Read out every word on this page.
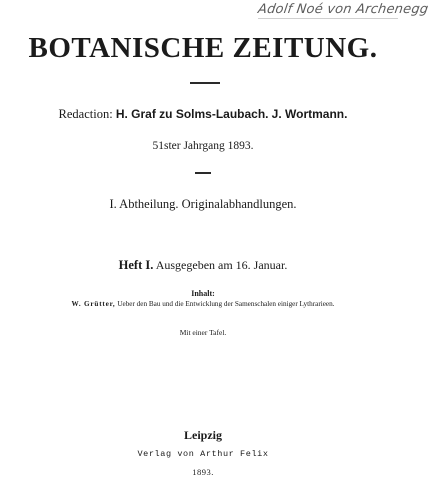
Adolf Noé von Archenegg
BOTANISCHE ZEITUNG.
Redaction: H. Graf zu Solms-Laubach. J. Wortmann.
51ster Jahrgang 1893.
I. Abtheilung. Originalabhandlungen.
Heft I. Ausgegeben am 16. Januar.
Inhalt:
W. Grütter, Ueber den Bau und die Entwicklung der Samenschalen einiger Lythrarieen.
Mit einer Tafel.
Leipzig
Verlag von Arthur Felix
1893.
